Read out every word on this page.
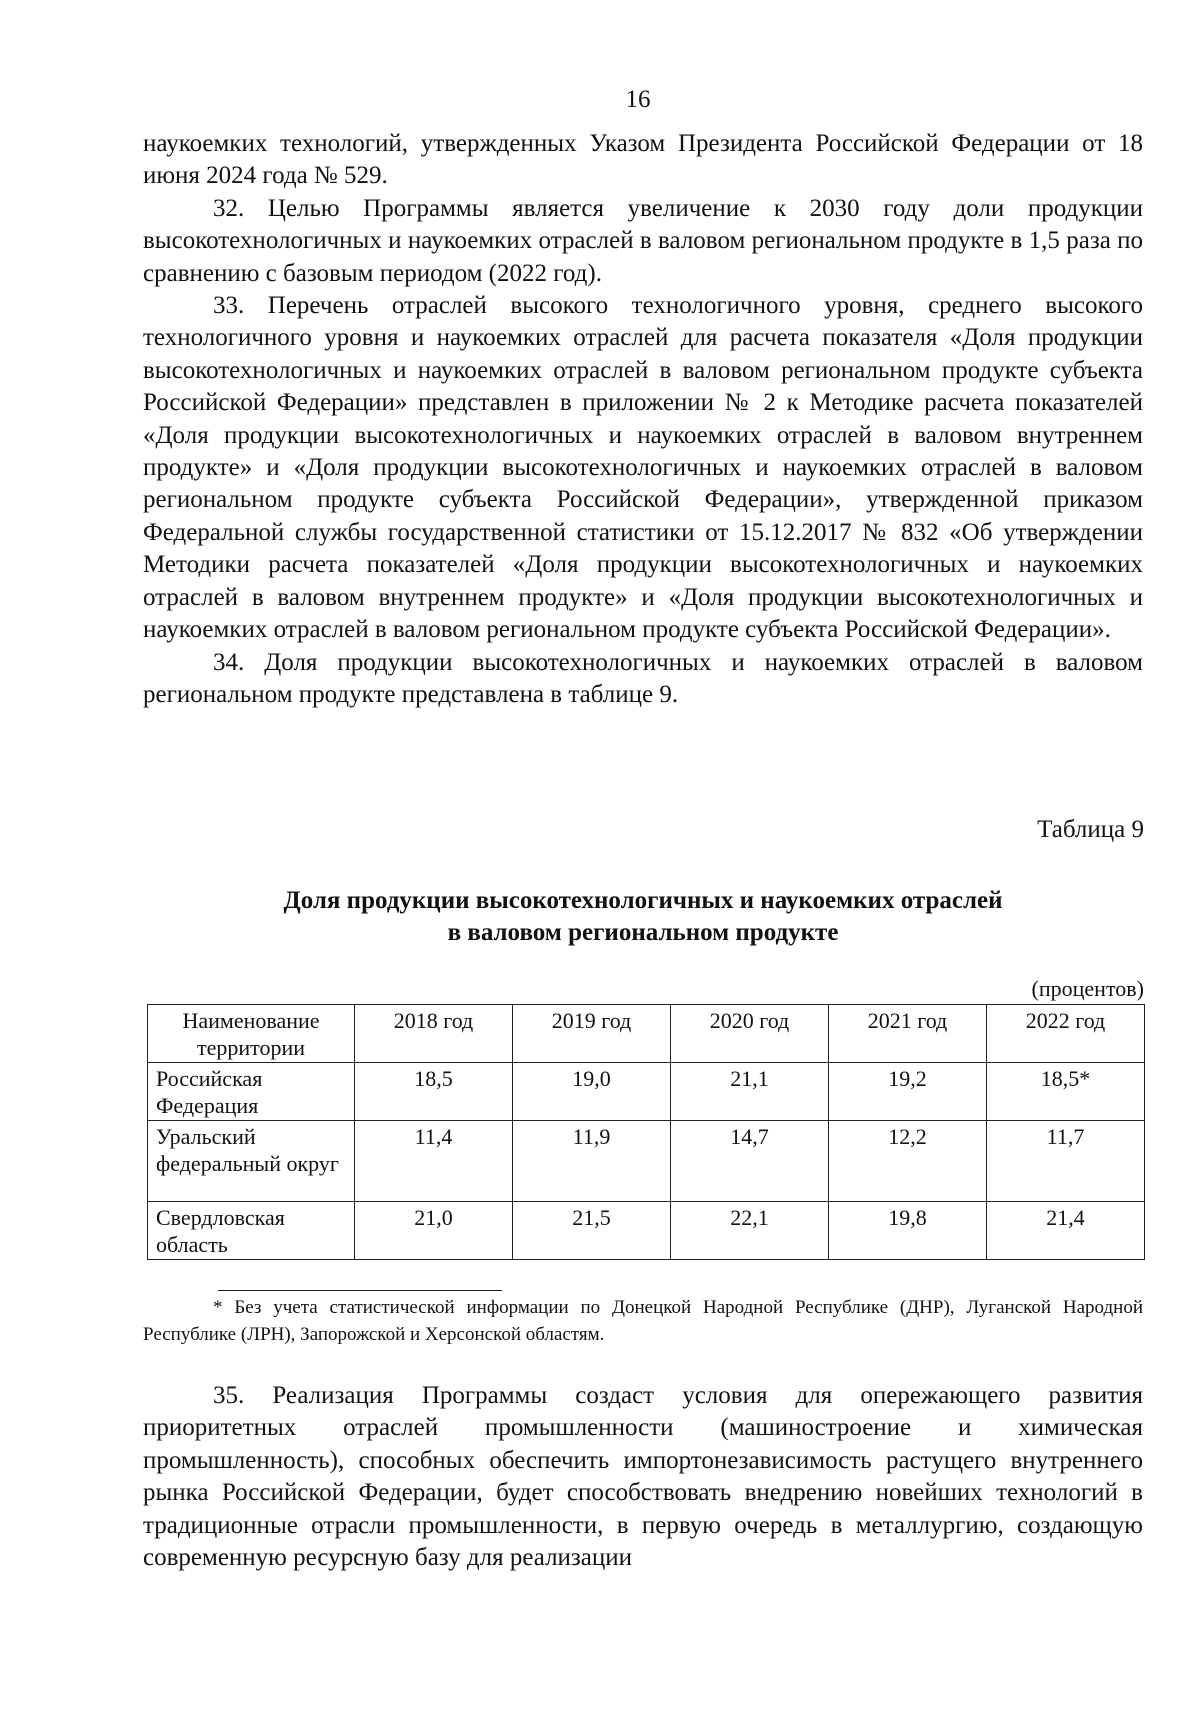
16

наукоемких технологий, утвержденных Указом Президента Российской Федерации от 18 июня 2024 года № 529.

32. Целью Программы является увеличение к 2030 году доли продукции высокотехнологичных и наукоемких отраслей в валовом региональном продукте в 1,5 раза по сравнению с базовым периодом (2022 год).

33. Перечень отраслей высокого технологичного уровня, среднего высокого технологичного уровня и наукоемких отраслей для расчета показателя «Доля продукции высокотехнологичных и наукоемких отраслей в валовом региональном продукте субъекта Российской Федерации» представлен в приложении № 2 к Методике расчета показателей «Доля продукции высокотехнологичных и наукоемких отраслей в валовом внутреннем продукте» и «Доля продукции высокотехнологичных и наукоемких отраслей в валовом региональном продукте субъекта Российской Федерации», утвержденной приказом Федеральной службы государственной статистики от 15.12.2017 № 832 «Об утверждении Методики расчета показателей «Доля продукции высокотехнологичных и наукоемких отраслей в валовом внутреннем продукте» и «Доля продукции высокотехнологичных и наукоемких отраслей в валовом региональном продукте субъекта Российской Федерации».

34. Доля продукции высокотехнологичных и наукоемких отраслей в валовом региональном продукте представлена в таблице 9.

Таблица 9
Доля продукции высокотехнологичных и наукоемких отраслей
в валовом региональном продукте
(процентов)
Наименование территории	2018 год	2019 год	2020 год	2021 год	2022 год
Российская Федерация	18,5	19,0	21,1	19,2	18,5*
Уральский федеральный округ	11,4	11,9	14,7	12,2	11,7
Свердловская область	21,0	21,5	22,1	19,8	21,4
* Без учета статистической информации по Донецкой Народной Республике (ДНР), Луганской Народной Республике (ЛРН), Запорожской и Херсонской областям.

35. Реализация Программы создаст условия для опережающего развития приоритетных отраслей промышленности (машиностроение и химическая промышленность), способных обеспечить импортонезависимость растущего внутреннего рынка Российской Федерации, будет способствовать внедрению новейших технологий в традиционные отрасли промышленности, в первую очередь в металлургию, создающую современную ресурсную базу для реализации
